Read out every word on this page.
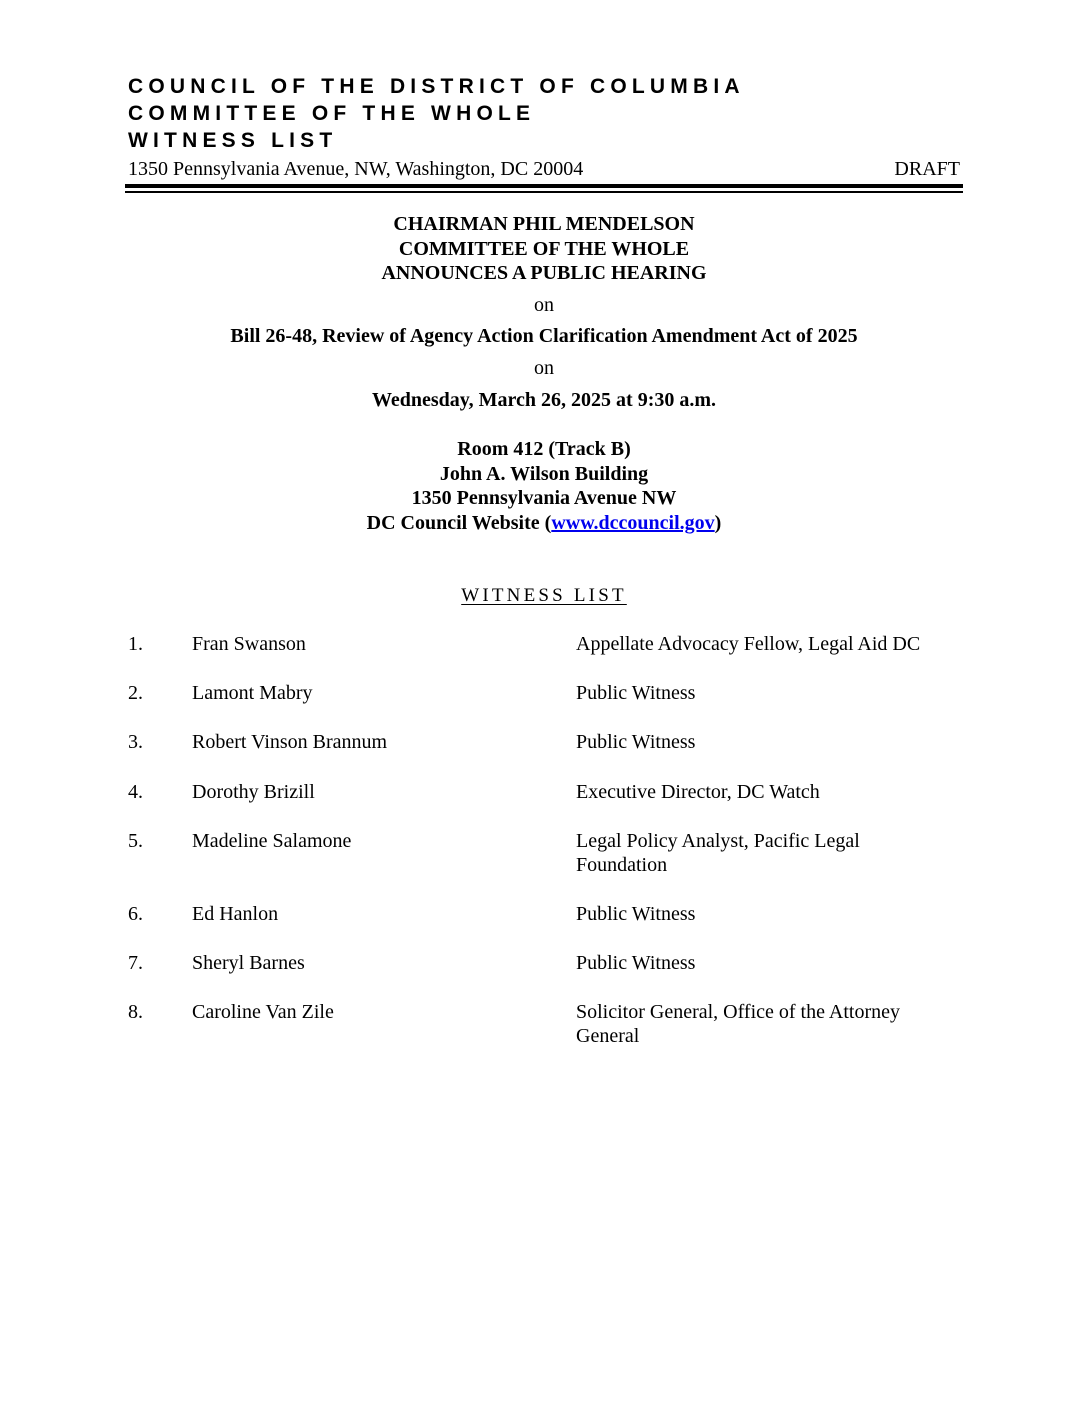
COUNCIL OF THE DISTRICT OF COLUMBIA
COMMITTEE OF THE WHOLE
WITNESS LIST
1350 Pennsylvania Avenue, NW, Washington, DC 20004	DRAFT
CHAIRMAN PHIL MENDELSON
COMMITTEE OF THE WHOLE
ANNOUNCES A PUBLIC HEARING
on
Bill 26-48, Review of Agency Action Clarification Amendment Act of 2025
on
Wednesday, March 26, 2025 at 9:30 a.m.
Room 412 (Track B)
John A. Wilson Building
1350 Pennsylvania Avenue NW
DC Council Website (www.dccouncil.gov)
WITNESS LIST
1. Fran Swanson	Appellate Advocacy Fellow, Legal Aid DC
2. Lamont Mabry	Public Witness
3. Robert Vinson Brannum	Public Witness
4. Dorothy Brizill	Executive Director, DC Watch
5. Madeline Salamone	Legal Policy Analyst, Pacific Legal Foundation
6. Ed Hanlon	Public Witness
7. Sheryl Barnes	Public Witness
8. Caroline Van Zile	Solicitor General, Office of the Attorney General
